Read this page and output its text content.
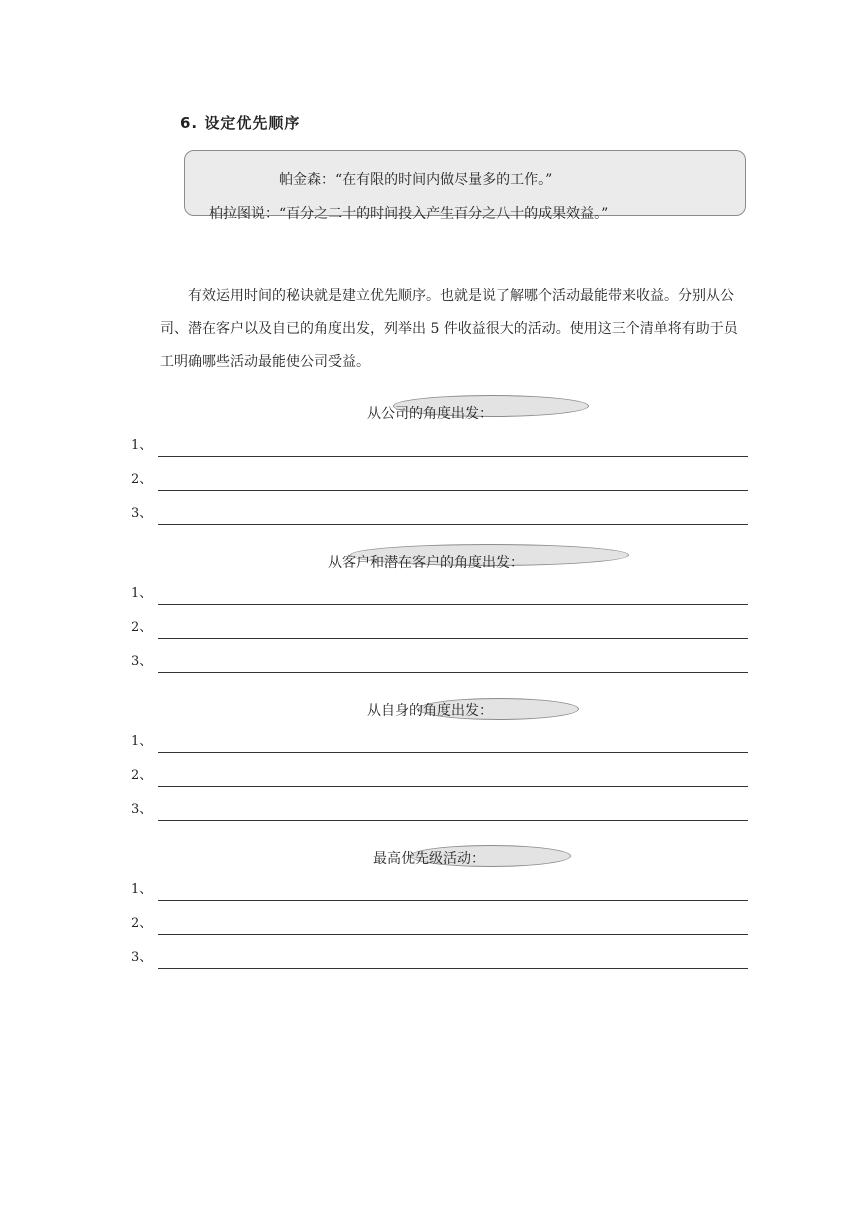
6. 设定优先顺序
帕金森：“在有限的时间内做尽量多的工作。”
柏拉图说：“百分之二十的时间投入产生百分之八十的成果效益。”
有效运用时间的秘诀就是建立优先顺序。也就是说了解哪个活动最能带来收益。分别从公司、潜在客户以及自已的角度出发，列举出 5 件收益很大的活动。使用这三个清单将有助于员工明确哪些活动最能使公司受益。
从公司的角度出发：
1、
2、
3、
从客户和潜在客户的角度出发：
1、
2、
3、
从自身的角度出发：
1、
2、
3、
最高优先级活动：
1、
2、
3、
